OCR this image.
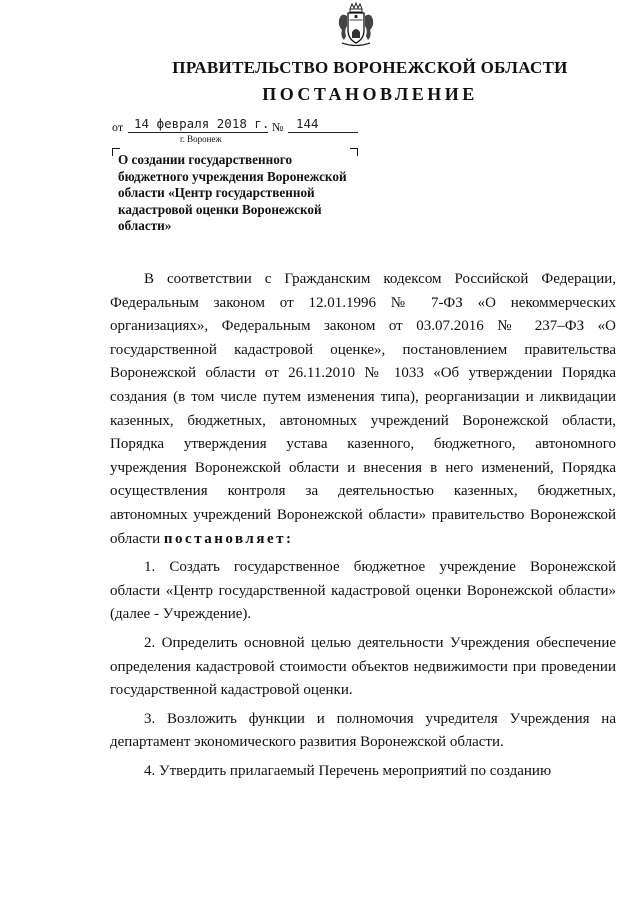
ПРАВИТЕЛЬСТВО ВОРОНЕЖСКОЙ ОБЛАСТИ
ПОСТАНОВЛЕНИЕ
от 14 февраля 2018 г. № 144
г. Воронеж
О создании государственного бюджетного учреждения Воронежской области «Центр государственной кадастровой оценки Воронежской области»

В соответствии с Гражданским кодексом Российской Федерации, Федеральным законом от 12.01.1996 № 7-ФЗ «О некоммерческих организациях», Федеральным законом от 03.07.2016 № 237–ФЗ «О государственной кадастровой оценке», постановлением правительства Воронежской области от 26.11.2010 № 1033 «Об утверждении Порядка создания (в том числе путем изменения типа), реорганизации и ликвидации казенных, бюджетных, автономных учреждений Воронежской области, Порядка утверждения устава казенного, бюджетного, автономного учреждения Воронежской области и внесения в него изменений, Порядка осуществления контроля за деятельностью казенных, бюджетных, автономных учреждений Воронежской области» правительство Воронежской области постановляет:

1. Создать государственное бюджетное учреждение Воронежской области «Центр государственной кадастровой оценки Воронежской области» (далее - Учреждение).

2. Определить основной целью деятельности Учреждения обеспечение определения кадастровой стоимости объектов недвижимости при проведении государственной кадастровой оценки.

3. Возложить функции и полномочия учредителя Учреждения на департамент экономического развития Воронежской области.

4. Утвердить прилагаемый Перечень мероприятий по созданию
